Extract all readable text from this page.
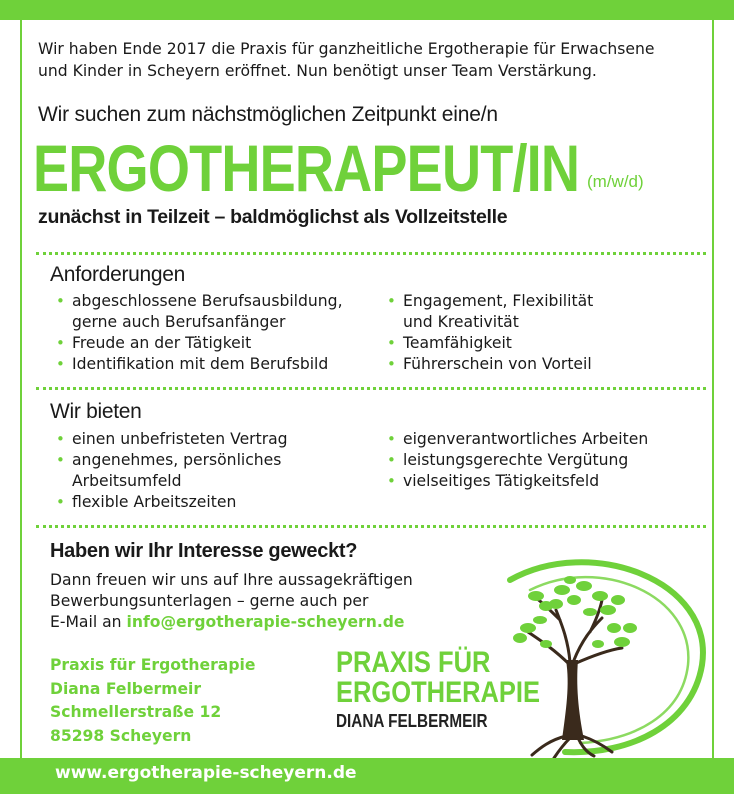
Wir haben Ende 2017 die Praxis für ganzheitliche Ergotherapie für Erwachsene
und Kinder in Scheyern eröffnet. Nun benötigt unser Team Verstärkung.
Wir suchen zum nächstmöglichen Zeitpunkt eine/n
ERGOTHERAPEUT/IN (m/w/d)
zunächst in Teilzeit – baldmöglichst als Vollzeitstelle
Anforderungen
• abgeschlossene Berufsausbildung,
gerne auch Berufsanfänger
• Freude an der Tätigkeit
• Identifikation mit dem Berufsbild
• Engagement, Flexibilität
und Kreativität
• Teamfähigkeit
• Führerschein von Vorteil
Wir bieten
• einen unbefristeten Vertrag
• angenehmes, persönliches
Arbeitsumfeld
• flexible Arbeitszeiten
• eigenverantwortliches Arbeiten
• leistungsgerechte Vergütung
• vielseitiges Tätigkeitsfeld
Haben wir Ihr Interesse geweckt?
Dann freuen wir uns auf Ihre aussagekräftigen
Bewerbungsunterlagen – gerne auch per
E-Mail an info@ergotherapie-scheyern.de
Praxis für Ergotherapie
Diana Felbermeir
Schmellerstraße 12
85298 Scheyern
PRAXIS FÜR
ERGOTHERAPIE
DIANA FELBERMEIR
www.ergotherapie-scheyern.de
